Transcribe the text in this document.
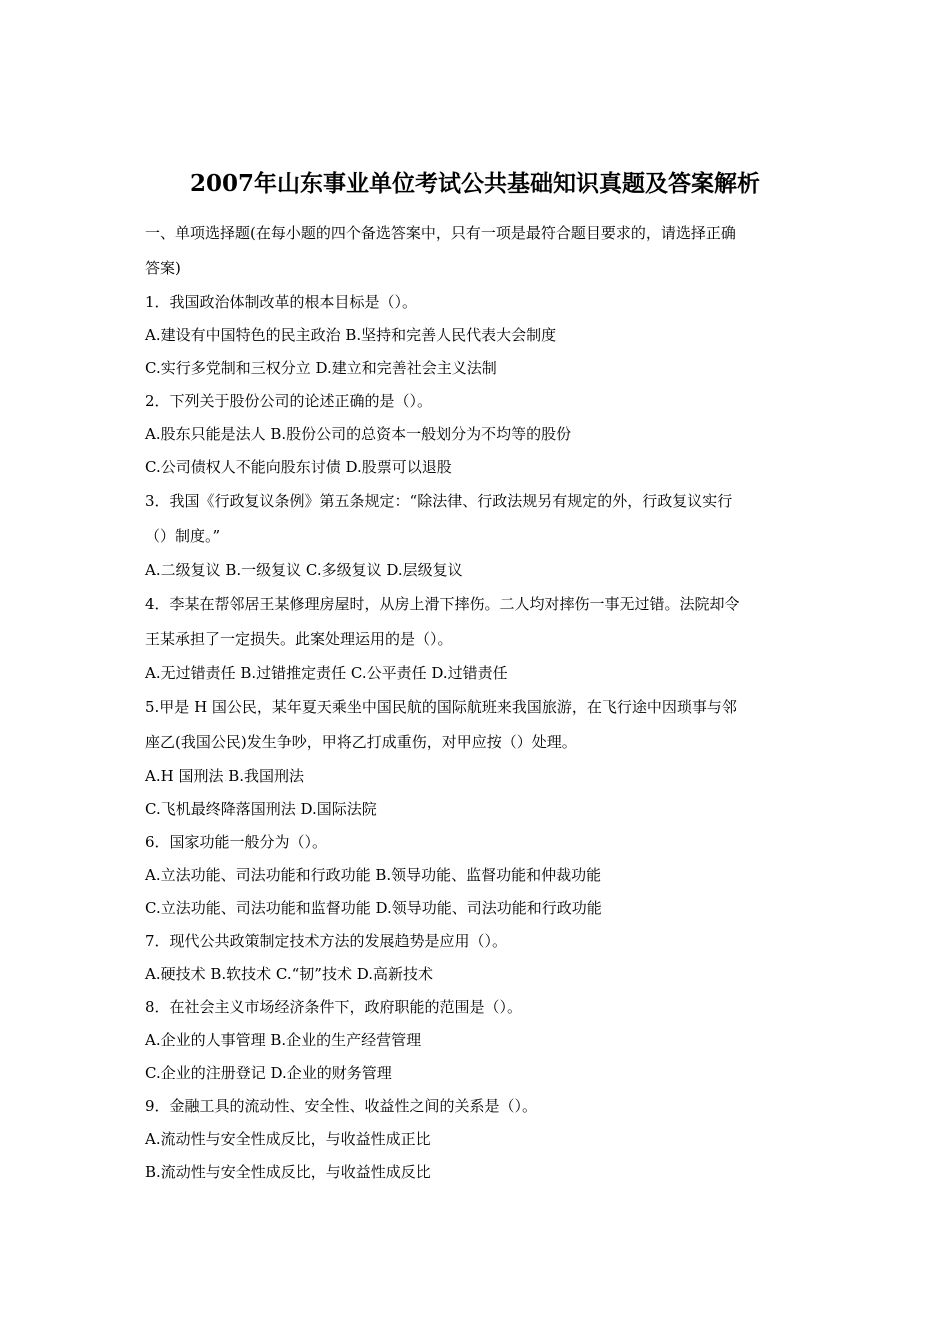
2007年山东事业单位考试公共基础知识真题及答案解析
一、单项选择题(在每小题的四个备选答案中，只有一项是最符合题目要求的，请选择正确
答案)
1．我国政治体制改革的根本目标是（）。
A.建设有中国特色的民主政治 B.坚持和完善人民代表大会制度
C.实行多党制和三权分立 D.建立和完善社会主义法制
2．下列关于股份公司的论述正确的是（）。
A.股东只能是法人 B.股份公司的总资本一般划分为不均等的股份
C.公司债权人不能向股东讨债 D.股票可以退股
3．我国《行政复议条例》第五条规定：“除法律、行政法规另有规定的外，行政复议实行
（）制度。”
A.二级复议 B.一级复议 C.多级复议 D.层级复议
4．李某在帮邻居王某修理房屋时，从房上滑下摔伤。二人均对摔伤一事无过错。法院却令
王某承担了一定损失。此案处理运用的是（）。
A.无过错责任 B.过错推定责任 C.公平责任 D.过错责任
5.甲是 H 国公民，某年夏天乘坐中国民航的国际航班来我国旅游，在飞行途中因琐事与邻
座乙(我国公民)发生争吵，甲将乙打成重伤，对甲应按（）处理。
A.H 国刑法 B.我国刑法
C.飞机最终降落国刑法 D.国际法院
6．国家功能一般分为（）。
A.立法功能、司法功能和行政功能 B.领导功能、监督功能和仲裁功能
C.立法功能、司法功能和监督功能 D.领导功能、司法功能和行政功能
7．现代公共政策制定技术方法的发展趋势是应用（）。
A.硬技术 B.软技术 C.“韧”技术 D.高新技术
8．在社会主义市场经济条件下，政府职能的范围是（）。
A.企业的人事管理 B.企业的生产经营管理
C.企业的注册登记 D.企业的财务管理
9．金融工具的流动性、安全性、收益性之间的关系是（）。
A.流动性与安全性成反比，与收益性成正比
B.流动性与安全性成反比，与收益性成反比
